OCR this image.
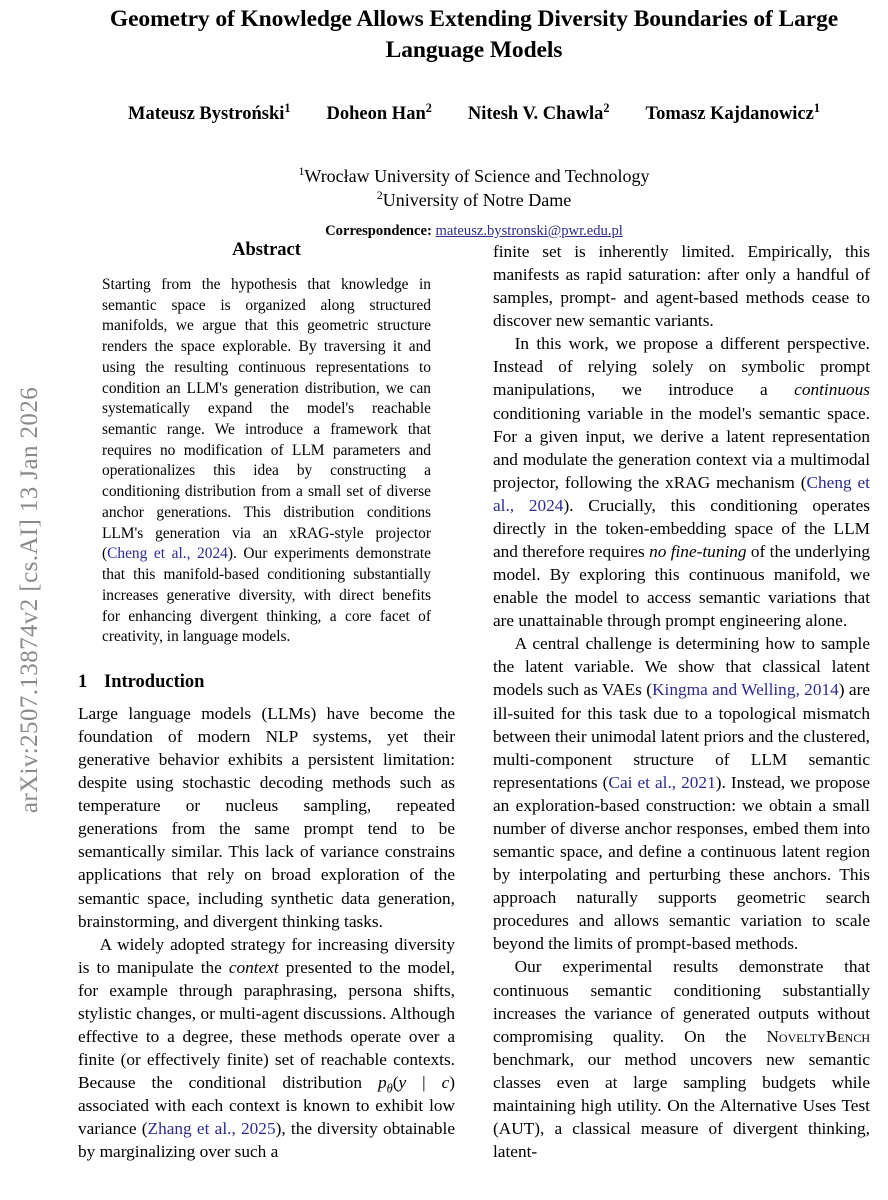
arXiv:2507.13874v2 [cs.AI] 13 Jan 2026
Geometry of Knowledge Allows Extending Diversity Boundaries of Large Language Models
Mateusz Bystroński$^1$	Doheon Han$^2$	Nitesh V. Chawla$^2$	Tomasz Kajdanowicz$^1$
$^1$Wrocław University of Science and Technology
$^2$University of Notre Dame
Correspondence: mateusz.bystronski@pwr.edu.pl
Abstract

Starting from the hypothesis that knowledge in semantic space is organized along structured manifolds, we argue that this geometric structure renders the space explorable. By traversing it and using the resulting continuous representations to condition an LLM's generation distribution, we can systematically expand the model's reachable semantic range. We introduce a framework that requires no modification of LLM parameters and operationalizes this idea by constructing a conditioning distribution from a small set of diverse anchor generations. This distribution conditions LLM's generation via an xRAG-style projector (Cheng et al., 2024). Our experiments demonstrate that this manifold-based conditioning substantially increases generative diversity, with direct benefits for enhancing divergent thinking, a core facet of creativity, in language models.

1 Introduction

Large language models (LLMs) have become the foundation of modern NLP systems, yet their generative behavior exhibits a persistent limitation: despite using stochastic decoding methods such as temperature or nucleus sampling, repeated generations from the same prompt tend to be semantically similar. This lack of variance constrains applications that rely on broad exploration of the semantic space, including synthetic data generation, brainstorming, and divergent thinking tasks.

A widely adopted strategy for increasing diversity is to manipulate the context presented to the model, for example through paraphrasing, persona shifts, stylistic changes, or multi-agent discussions. Although effective to a degree, these methods operate over a finite (or effectively finite) set of reachable contexts. Because the conditional distribution $p_\theta(y$ | c) associated with each context is known to exhibit low variance (Zhang et al., 2025), the diversity obtainable by marginalizing over such a

finite set is inherently limited. Empirically, this manifests as rapid saturation: after only a handful of samples, prompt- and agent-based methods cease to discover new semantic variants.

In this work, we propose a different perspective. Instead of relying solely on symbolic prompt manipulations, we introduce a continuous conditioning variable in the model's semantic space. For a given input, we derive a latent representation and modulate the generation context via a multimodal projector, following the xRAG mechanism (Cheng et al., 2024). Crucially, this conditioning operates directly in the token-embedding space of the LLM and therefore requires no fine-tuning of the underlying model. By exploring this continuous manifold, we enable the model to access semantic variations that are unattainable through prompt engineering alone.

A central challenge is determining how to sample the latent variable. We show that classical latent models such as VAEs (Kingma and Welling, 2014) are ill-suited for this task due to a topological mismatch between their unimodal latent priors and the clustered, multi-component structure of LLM semantic representations (Cai et al., 2021). Instead, we propose an exploration-based construction: we obtain a small number of diverse anchor responses, embed them into semantic space, and define a continuous latent region by interpolating and perturbing these anchors. This approach naturally supports geometric search procedures and allows semantic variation to scale beyond the limits of prompt-based methods.

Our experimental results demonstrate that continuous semantic conditioning substantially increases the variance of generated outputs without compromising quality. On the NoveltyBench benchmark, our method uncovers new semantic classes even at large sampling budgets while maintaining high utility. On the Alternative Uses Test (AUT), a classical measure of divergent thinking, latent-
